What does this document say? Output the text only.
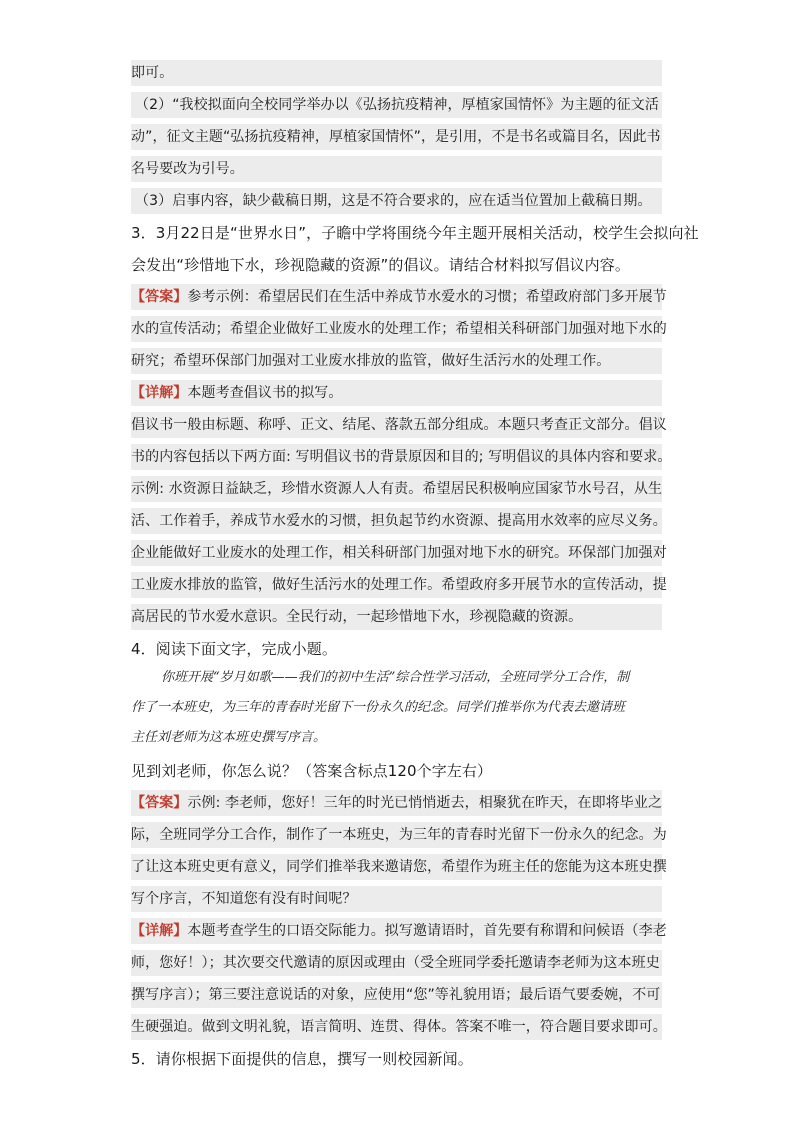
即可。
（2）“我校拟面向全校同学举办以《弘扬抗疫精神，厚植家国情怀》为主题的征文活
动”，征文主题“弘扬抗疫精神，厚植家国情怀”，是引用，不是书名或篇目名，因此书
名号要改为引号。
（3）启事内容，缺少截稿日期，这是不符合要求的，应在适当位置加上截稿日期。
3．3月22日是“世界水日”，子瞻中学将围绕今年主题开展相关活动，校学生会拟向社
会发出“珍惜地下水，珍视隐藏的资源”的倡议。请结合材料拟写倡议内容。
【答案】参考示例：希望居民们在生活中养成节水爱水的习惯；希望政府部门多开展节
水的宣传活动；希望企业做好工业废水的处理工作；希望相关科研部门加强对地下水的
研究；希望环保部门加强对工业废水排放的监管，做好生活污水的处理工作。
【详解】本题考查倡议书的拟写。
倡议书一般由标题、称呼、正文、结尾、落款五部分组成。本题只考查正文部分。倡议
书的内容包括以下两方面: 写明倡议书的背景原因和目的; 写明倡议的具体内容和要求。
示例: 水资源日益缺乏，珍惜水资源人人有责。希望居民积极响应国家节水号召，从生
活、工作着手，养成节水爱水的习惯，担负起节约水资源、提高用水效率的应尽义务。
企业能做好工业废水的处理工作，相关科研部门加强对地下水的研究。环保部门加强对
工业废水排放的监管，做好生活污水的处理工作。希望政府多开展节水的宣传活动，提
高居民的节水爱水意识。全民行动，一起珍惜地下水，珍视隐藏的资源。
4．阅读下面文字，完成小题。
你班开展“岁月如歌——我们的初中生活”综合性学习活动，全班同学分工合作，制
作了一本班史，为三年的青春时光留下一份永久的纪念。同学们推举你为代表去邀请班
主任刘老师为这本班史撰写序言。
见到刘老师，你怎么说？（答案含标点120个字左右）
【答案】示例: 李老师，您好！三年的时光已悄悄逝去，相聚犹在昨天，在即将毕业之
际，全班同学分工合作，制作了一本班史，为三年的青春时光留下一份永久的纪念。为
了让这本班史更有意义，同学们推举我来邀请您，希望作为班主任的您能为这本班史撰
写个序言，不知道您有没有时间呢？
【详解】本题考查学生的口语交际能力。拟写邀请语时，首先要有称谓和问候语（李老
师，您好！）；其次要交代邀请的原因或理由（受全班同学委托邀请李老师为这本班史
撰写序言）；第三要注意说话的对象，应使用“您”等礼貌用语；最后语气要委婉，不可
生硬强迫。做到文明礼貌，语言简明、连贯、得体。答案不唯一，符合题目要求即可。
5．请你根据下面提供的信息，撰写一则校园新闻。
